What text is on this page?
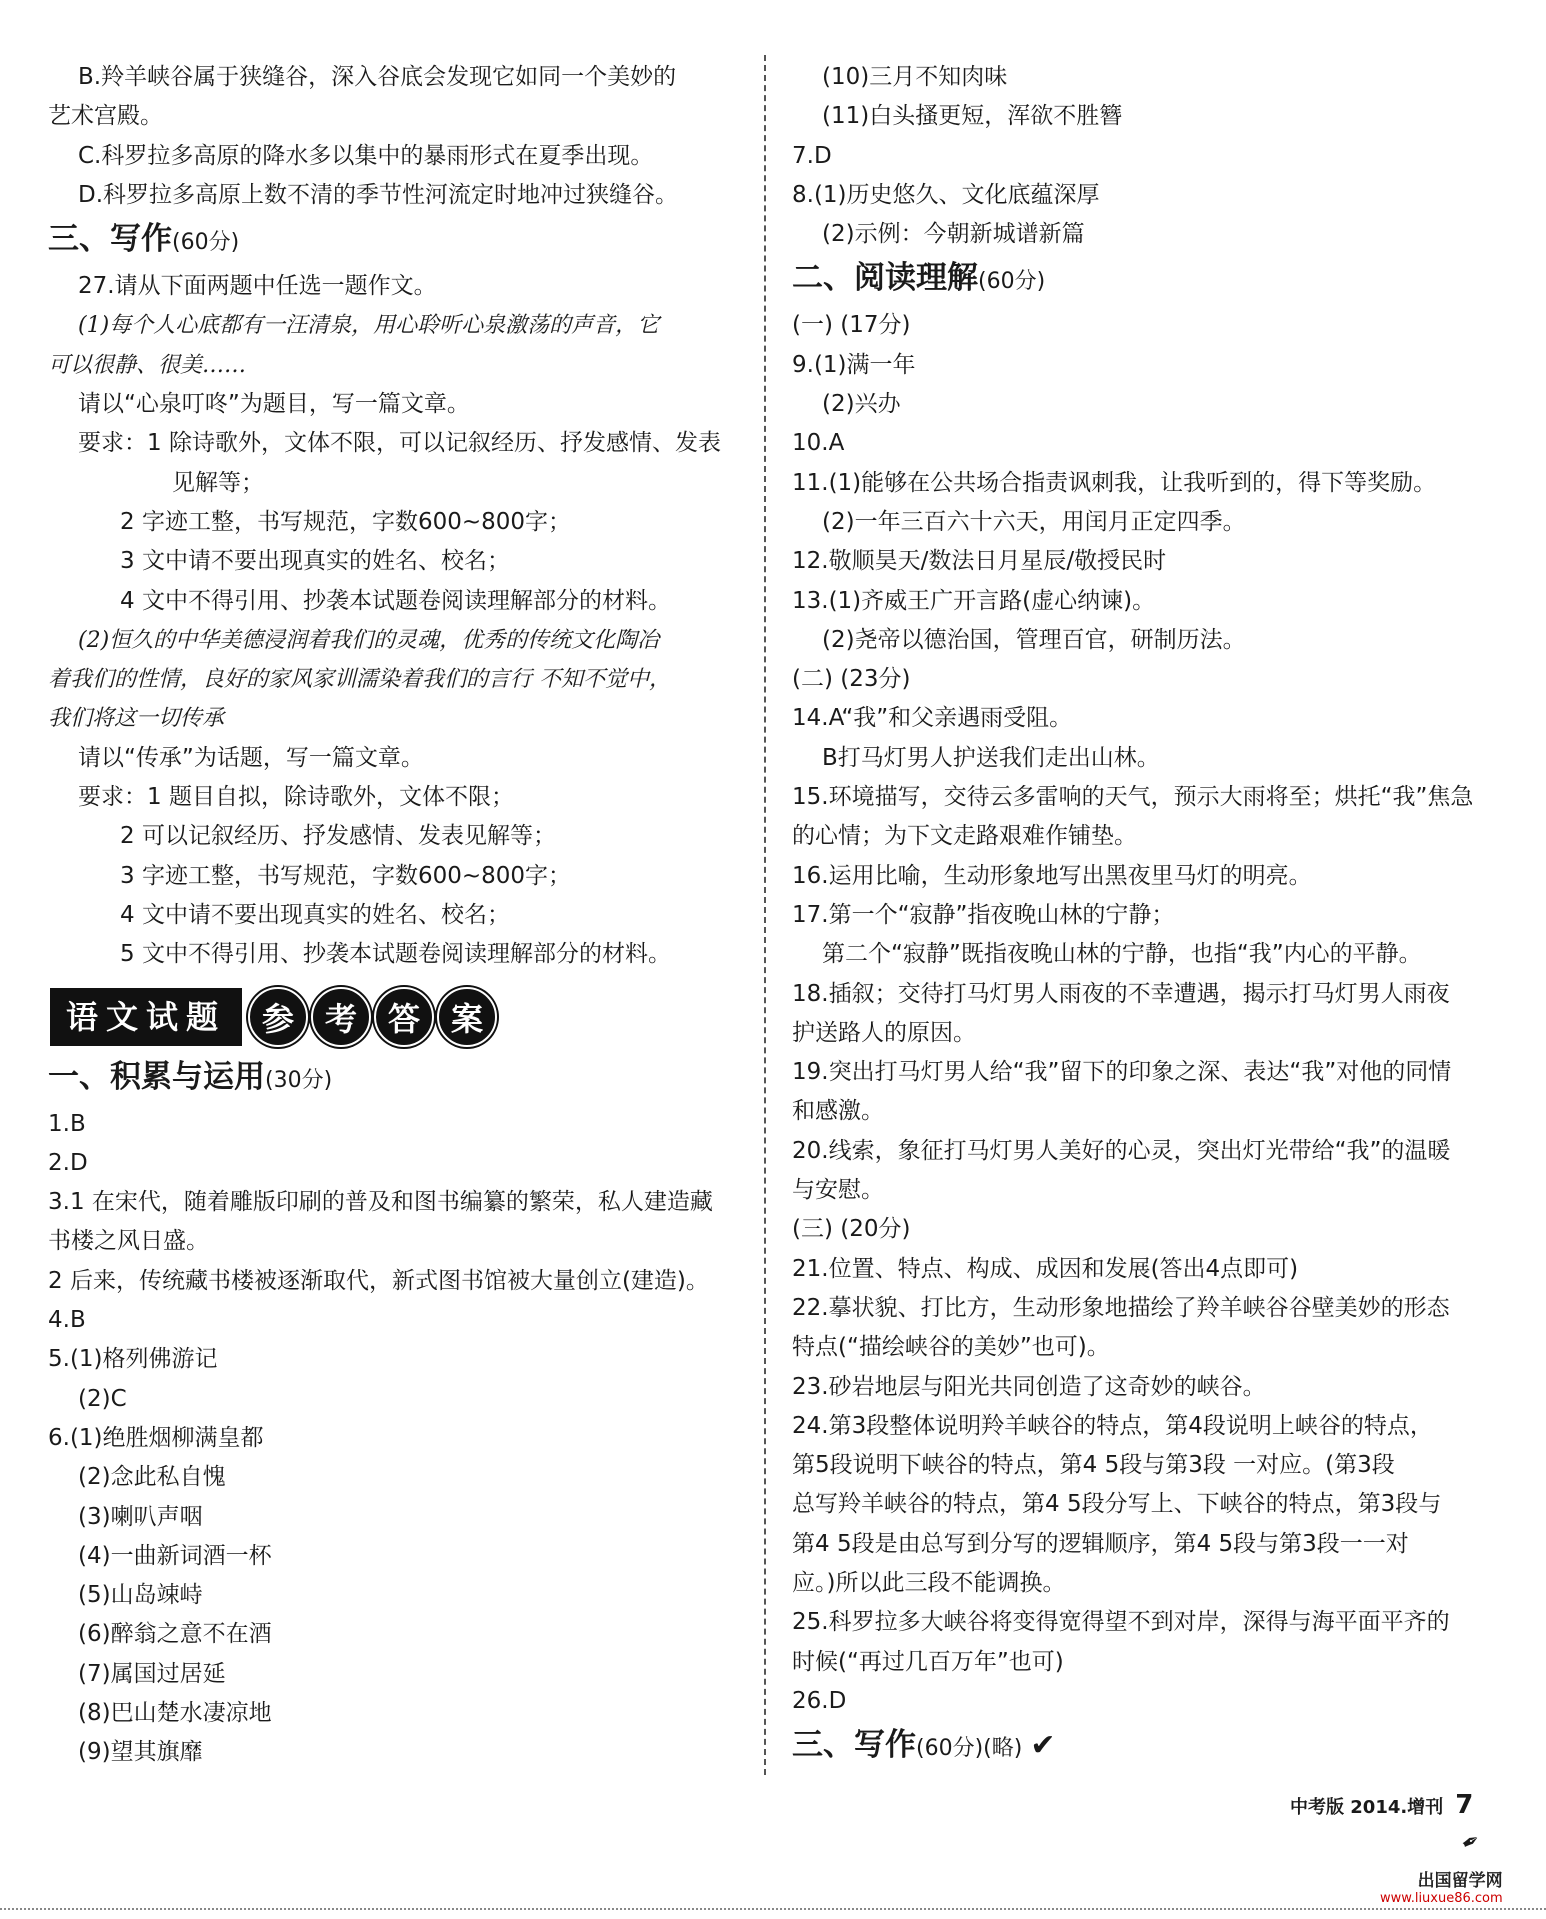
B.羚羊峡谷属于狭缝谷，深入谷底会发现它如同一个美妙的
艺术宫殿。
C.科罗拉多高原的降水多以集中的暴雨形式在夏季出现。
D.科罗拉多高原上数不清的季节性河流定时地冲过狭缝谷。
三、写作(60分)
27.请从下面两题中任选一题作文。
(1)每个人心底都有一汪清泉，用心聆听心泉激荡的声音，它
可以很静、很美……
请以“心泉叮咚”为题目，写一篇文章。
要求：1 除诗歌外，文体不限，可以记叙经历、抒发感情、发表
见解等；
2 字迹工整，书写规范，字数600~800字；
3 文中请不要出现真实的姓名、校名；
4 文中不得引用、抄袭本试题卷阅读理解部分的材料。
(2)恒久的中华美德浸润着我们的灵魂，优秀的传统文化陶冶
着我们的性情，良好的家风家训濡染着我们的言行 不知不觉中，
我们将这一切传承
请以“传承”为话题，写一篇文章。
要求：1 题目自拟，除诗歌外，文体不限；
2 可以记叙经历、抒发感情、发表见解等；
3 字迹工整，书写规范，字数600~800字；
4 文中请不要出现真实的姓名、校名；
5 文中不得引用、抄袭本试题卷阅读理解部分的材料。
语文试题	参 考 答 案
一、积累与运用(30分)
1.B
2.D
3.1 在宋代，随着雕版印刷的普及和图书编纂的繁荣，私人建造藏
书楼之风日盛。
2 后来，传统藏书楼被逐渐取代，新式图书馆被大量创立(建造)。
4.B
5.(1)格列佛游记
(2)C
6.(1)绝胜烟柳满皇都
(2)念此私自愧
(3)喇叭声咽
(4)一曲新词酒一杯
(5)山岛竦峙
(6)醉翁之意不在酒
(7)属国过居延
(8)巴山楚水凄凉地
(9)望其旗靡
(10)三月不知肉味
(11)白头搔更短，浑欲不胜簪
7.D
8.(1)历史悠久、文化底蕴深厚
(2)示例：今朝新城谱新篇
二、阅读理解(60分)
(一) (17分)
9.(1)满一年
(2)兴办
10.A
11.(1)能够在公共场合指责讽刺我，让我听到的，得下等奖励。
(2)一年三百六十六天，用闰月正定四季。
12.敬顺昊天/数法日月星辰/敬授民时
13.(1)齐威王广开言路(虚心纳谏)。
(2)尧帝以德治国，管理百官，研制历法。
(二) (23分)
14.A“我”和父亲遇雨受阻。
B打马灯男人护送我们走出山林。
15.环境描写，交待云多雷响的天气，预示大雨将至；烘托“我”焦急
的心情；为下文走路艰难作铺垫。
16.运用比喻，生动形象地写出黑夜里马灯的明亮。
17.第一个“寂静”指夜晚山林的宁静；
第二个“寂静”既指夜晚山林的宁静，也指“我”内心的平静。
18.插叙；交待打马灯男人雨夜的不幸遭遇，揭示打马灯男人雨夜
护送路人的原因。
19.突出打马灯男人给“我”留下的印象之深、表达“我”对他的同情
和感激。
20.线索，象征打马灯男人美好的心灵，突出灯光带给“我”的温暖
与安慰。
(三) (20分)
21.位置、特点、构成、成因和发展(答出4点即可)
22.摹状貌、打比方，生动形象地描绘了羚羊峡谷谷壁美妙的形态
特点(“描绘峡谷的美妙”也可)。
23.砂岩地层与阳光共同创造了这奇妙的峡谷。
24.第3段整体说明羚羊峡谷的特点，第4段说明上峡谷的特点，
第5段说明下峡谷的特点，第4 5段与第3段 一对应。(第3段
总写羚羊峡谷的特点，第4 5段分写上、下峡谷的特点，第3段与
第4 5段是由总写到分写的逻辑顺序，第4 5段与第3段一一对
应。)所以此三段不能调换。
25.科罗拉多大峡谷将变得宽得望不到对岸，深得与海平面平齐的
时候(“再过几百万年”也可)
26.D
三、写作(60分)(略) ✔
中考版 2014.增刊 7
✒
出国留学网
www.liuxue86.com
